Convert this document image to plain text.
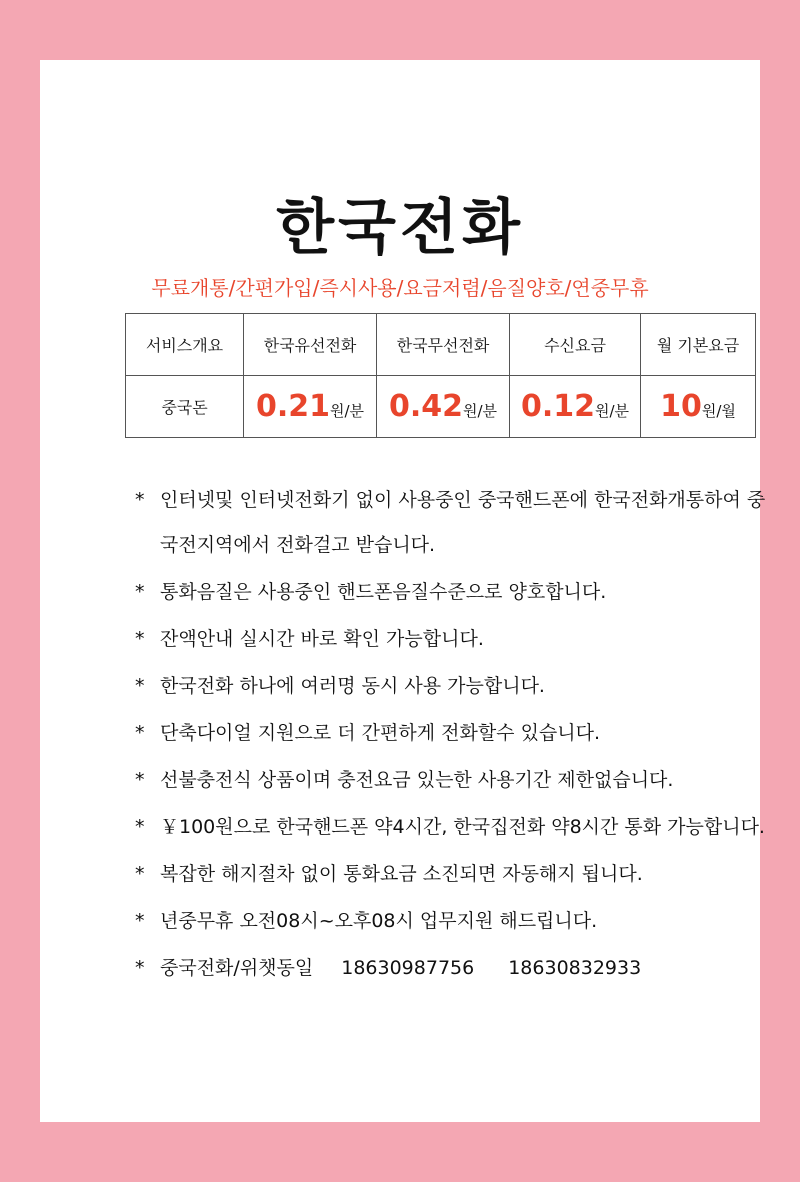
한국전화
무료개통/간편가입/즉시사용/요금저렴/음질양호/연중무휴
서비스개요	한국유선전화	한국무선전화	수신요금	월 기본요금
중국돈	0.21원/분	0.42원/분	0.12원/분	10원/월
* 인터넷및 인터넷전화기 없이 사용중인 중국핸드폰에 한국전화개통하여 중국전지역에서 전화걸고 받습니다.
* 통화음질은 사용중인 핸드폰음질수준으로 양호합니다.
* 잔액안내 실시간 바로 확인 가능합니다.
* 한국전화 하나에 여러명 동시 사용 가능합니다.
* 단축다이얼 지원으로 더 간편하게 전화할수 있습니다.
* 선불충전식 상품이며 충전요금 있는한 사용기간 제한없습니다.
* ￥100원으로 한국핸드폰 약4시간, 한국집전화 약8시간 통화 가능합니다.
* 복잡한 해지절차 없이 통화요금 소진되면 자동해지 됩니다.
* 년중무휴 오전08시~오후08시 업무지원 해드립니다.
* 중국전화/위챗동일 18630987756 18630832933
